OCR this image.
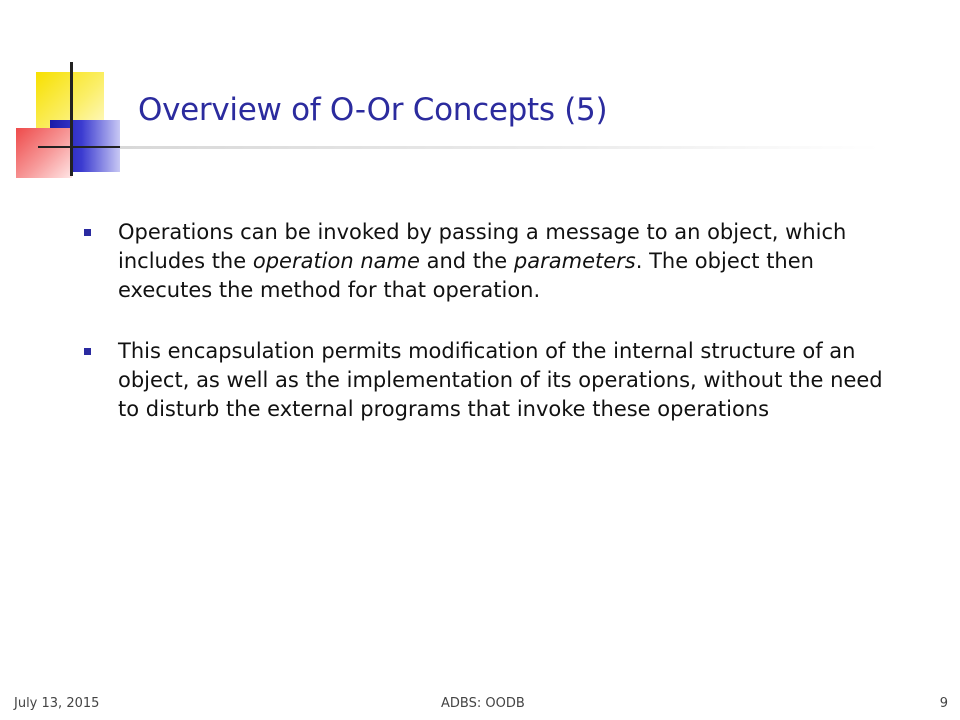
Overview of O-Or Concepts (5)
Operations can be invoked by passing a message to an object, which includes the operation name and the parameters. The object then executes the method for that operation.
This encapsulation permits modification of the internal structure of an object, as well as the implementation of its operations, without the need to disturb the external programs that invoke these operations
July 13, 2015	ADBS: OODB	9
